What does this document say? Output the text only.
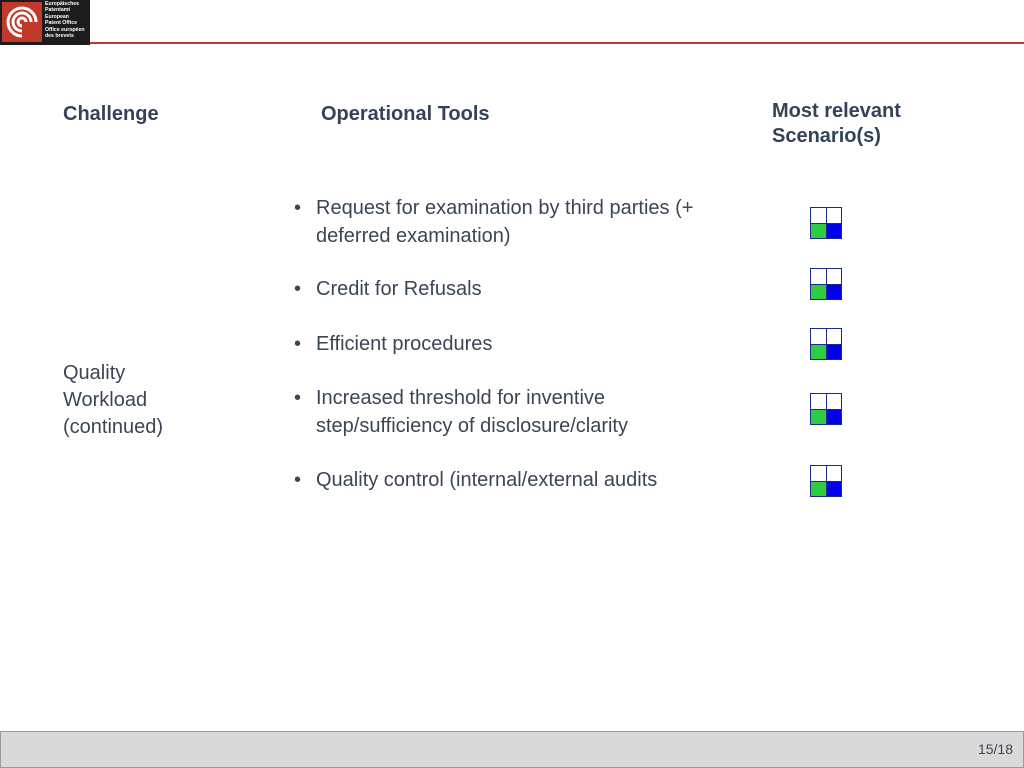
Europäisches
Patentamt
European
Patent Office
Office européen
des brevets
Challenge	Operational Tools	Most relevant Scenario(s)
Quality
Workload
(continued)
• Request for examination by third parties (+ deferred examination)
• Credit for Refusals
• Efficient procedures
• Increased threshold for inventive step/sufficiency of disclosure/clarity
• Quality control (internal/external audits
15/18
